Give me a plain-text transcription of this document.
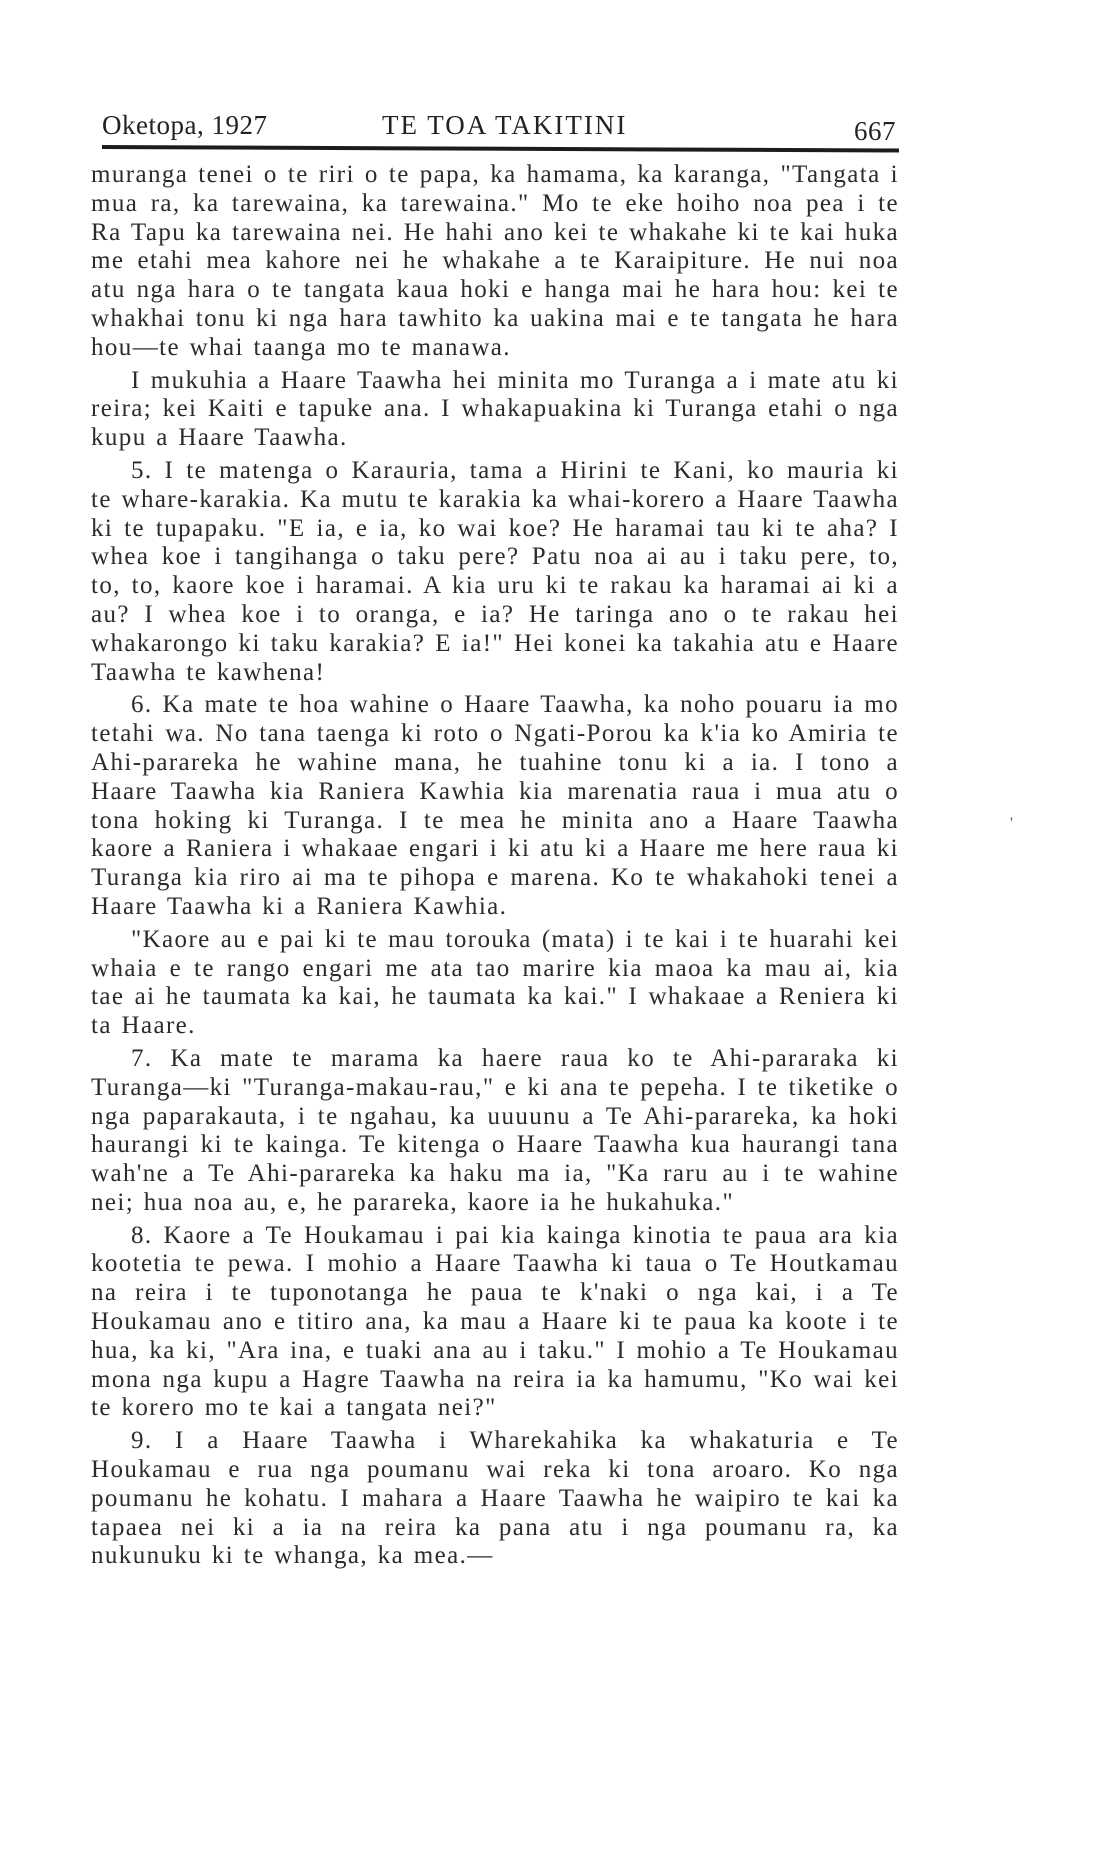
Oketopa, 1927	TE TOA TAKITINI	667

muranga tenei o te riri o te papa, ka hamama, ka karanga, "Tangata i mua ra, ka tarewaina, ka tarewaina." Mo te eke hoiho noa pea i te Ra Tapu ka tarewaina nei. He hahi ano kei te whakahe ki te kai huka me etahi mea kahore nei he whakahe a te Karaipiture. He nui noa atu nga hara o te tangata kaua hoki e hanga mai he hara hou: kei te whakhai tonu ki nga hara tawhito ka uakina mai e te tangata he hara hou—te whai taanga mo te manawa.

I mukuhia a Haare Taawha hei minita mo Turanga a i mate atu ki reira; kei Kaiti e tapuke ana. I whakapuakina ki Turanga etahi o nga kupu a Haare Taawha.

5. I te matenga o Karauria, tama a Hirini te Kani, ko mauria ki te whare-karakia. Ka mutu te karakia ka whai-korero a Haare Taawha ki te tupapaku. "E ia, e ia, ko wai koe? He haramai tau ki te aha? I whea koe i tangihanga o taku pere? Patu noa ai au i taku pere, to, to, to, kaore koe i haramai. A kia uru ki te rakau ka haramai ai ki a au? I whea koe i to oranga, e ia? He taringa ano o te rakau hei whakarongo ki taku karakia? E ia!" Hei konei ka takahia atu e Haare Taawha te kawhena!

6. Ka mate te hoa wahine o Haare Taawha, ka noho pouaru ia mo tetahi wa. No tana taenga ki roto o Ngati-Porou ka k'ia ko Amiria te Ahi-parareka he wahine mana, he tuahine tonu ki a ia. I tono a Haare Taawha kia Raniera Kawhia kia marenatia raua i mua atu o tona hoking ki Turanga. I te mea he minita ano a Haare Taawha kaore a Raniera i whakaae engari i ki atu ki a Haare me here raua ki Turanga kia riro ai ma te pihopa e marena. Ko te whakahoki tenei a Haare Taawha ki a Raniera Kawhia.

"Kaore au e pai ki te mau torouka (mata) i te kai i te huarahi kei whaia e te rango engari me ata tao marire kia maoa ka mau ai, kia tae ai he taumata ka kai, he taumata ka kai." I whakaae a Reniera ki ta Haare.

7. Ka mate te marama ka haere raua ko te Ahi-pararaka ki Turanga—ki "Turanga-makau-rau," e ki ana te pepeha. I te tiketike o nga paparakauta, i te ngahau, ka uuuunu a Te Ahi-parareka, ka hoki haurangi ki te kainga. Te kitenga o Haare Taawha kua haurangi tana wah'ne a Te Ahi-parareka ka haku ma ia, "Ka raru au i te wahine nei; hua noa au, e, he parareka, kaore ia he hukahuka."

8. Kaore a Te Houkamau i pai kia kainga kinotia te paua ara kia kootetia te pewa. I mohio a Haare Taawha ki taua o Te Houtkamau na reira i te tuponotanga he paua te k'naki o nga kai, i a Te Houkamau ano e titiro ana, ka mau a Haare ki te paua ka koote i te hua, ka ki, "Ara ina, e tuaki ana au i taku." I mohio a Te Houkamau mona nga kupu a Hagre Taawha na reira ia ka hamumu, "Ko wai kei te korero mo te kai a tangata nei?"

9. I a Haare Taawha i Wharekahika ka whakaturia e Te Houkamau e rua nga poumanu wai reka ki tona aroaro. Ko nga poumanu he kohatu. I mahara a Haare Taawha he waipiro te kai ka tapaea nei ki a ia na reira ka pana atu i nga poumanu ra, ka nukunuku ki te whanga, ka mea.—

'
